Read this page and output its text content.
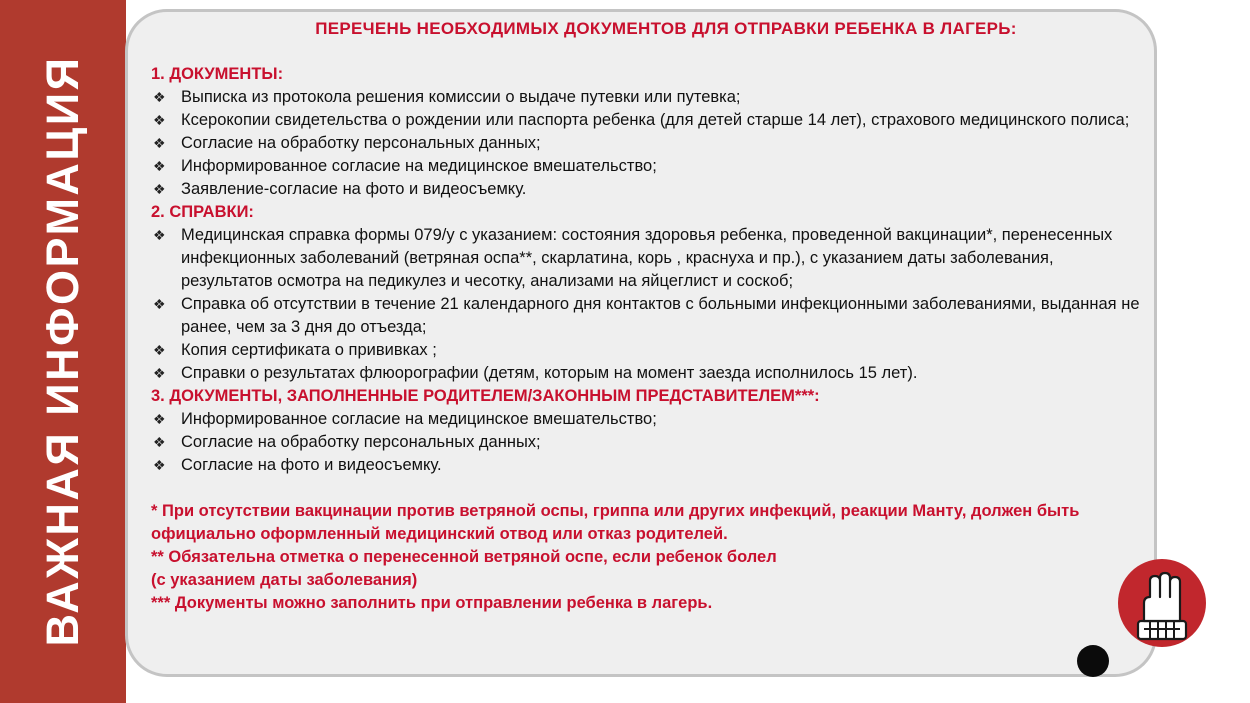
ВАЖНАЯ ИНФОРМАЦИЯ
ПЕРЕЧЕНЬ НЕОБХОДИМЫХ ДОКУМЕНТОВ ДЛЯ ОТПРАВКИ РЕБЕНКА В ЛАГЕРЬ:
1. ДОКУМЕНТЫ:
❖ Выписка из протокола решения комиссии о выдаче путевки или путевка;
❖ Ксерокопии свидетельства о рождении или паспорта ребенка (для детей старше 14 лет), страхового медицинского полиса;
❖ Согласие на обработку персональных данных;
❖ Информированное согласие на медицинское вмешательство;
❖ Заявление-согласие на фото и видеосъемку.
2. СПРАВКИ:
❖ Медицинская справка формы 079/у с указанием: состояния здоровья ребенка, проведенной вакцинации*, перенесенных инфекционных заболеваний (ветряная оспа**, скарлатина, корь , краснуха и пр.), с указанием даты заболевания, результатов осмотра на педикулез и чесотку, анализами на яйцеглист и соскоб;
❖ Справка об отсутствии в течение 21 календарного дня контактов с больными инфекционными заболеваниями, выданная не ранее, чем за 3 дня до отъезда;
❖ Копия сертификата о прививках ;
❖ Справки о результатах флюорографии (детям, которым на момент заезда исполнилось 15 лет).
3. ДОКУМЕНТЫ, ЗАПОЛНЕННЫЕ РОДИТЕЛЕМ/ЗАКОННЫМ ПРЕДСТАВИТЕЛЕМ***:
❖ Информированное согласие на медицинское вмешательство;
❖ Согласие на обработку персональных данных;
❖ Согласие на фото и видеосъемку.
* При отсутствии вакцинации против ветряной оспы, гриппа или других инфекций, реакции Манту, должен быть официально оформленный медицинский отвод или отказ родителей.
** Обязательна отметка о перенесенной ветряной оспе, если ребенок болел
(с указанием даты заболевания)
*** Документы можно заполнить при отправлении ребенка в лагерь.
